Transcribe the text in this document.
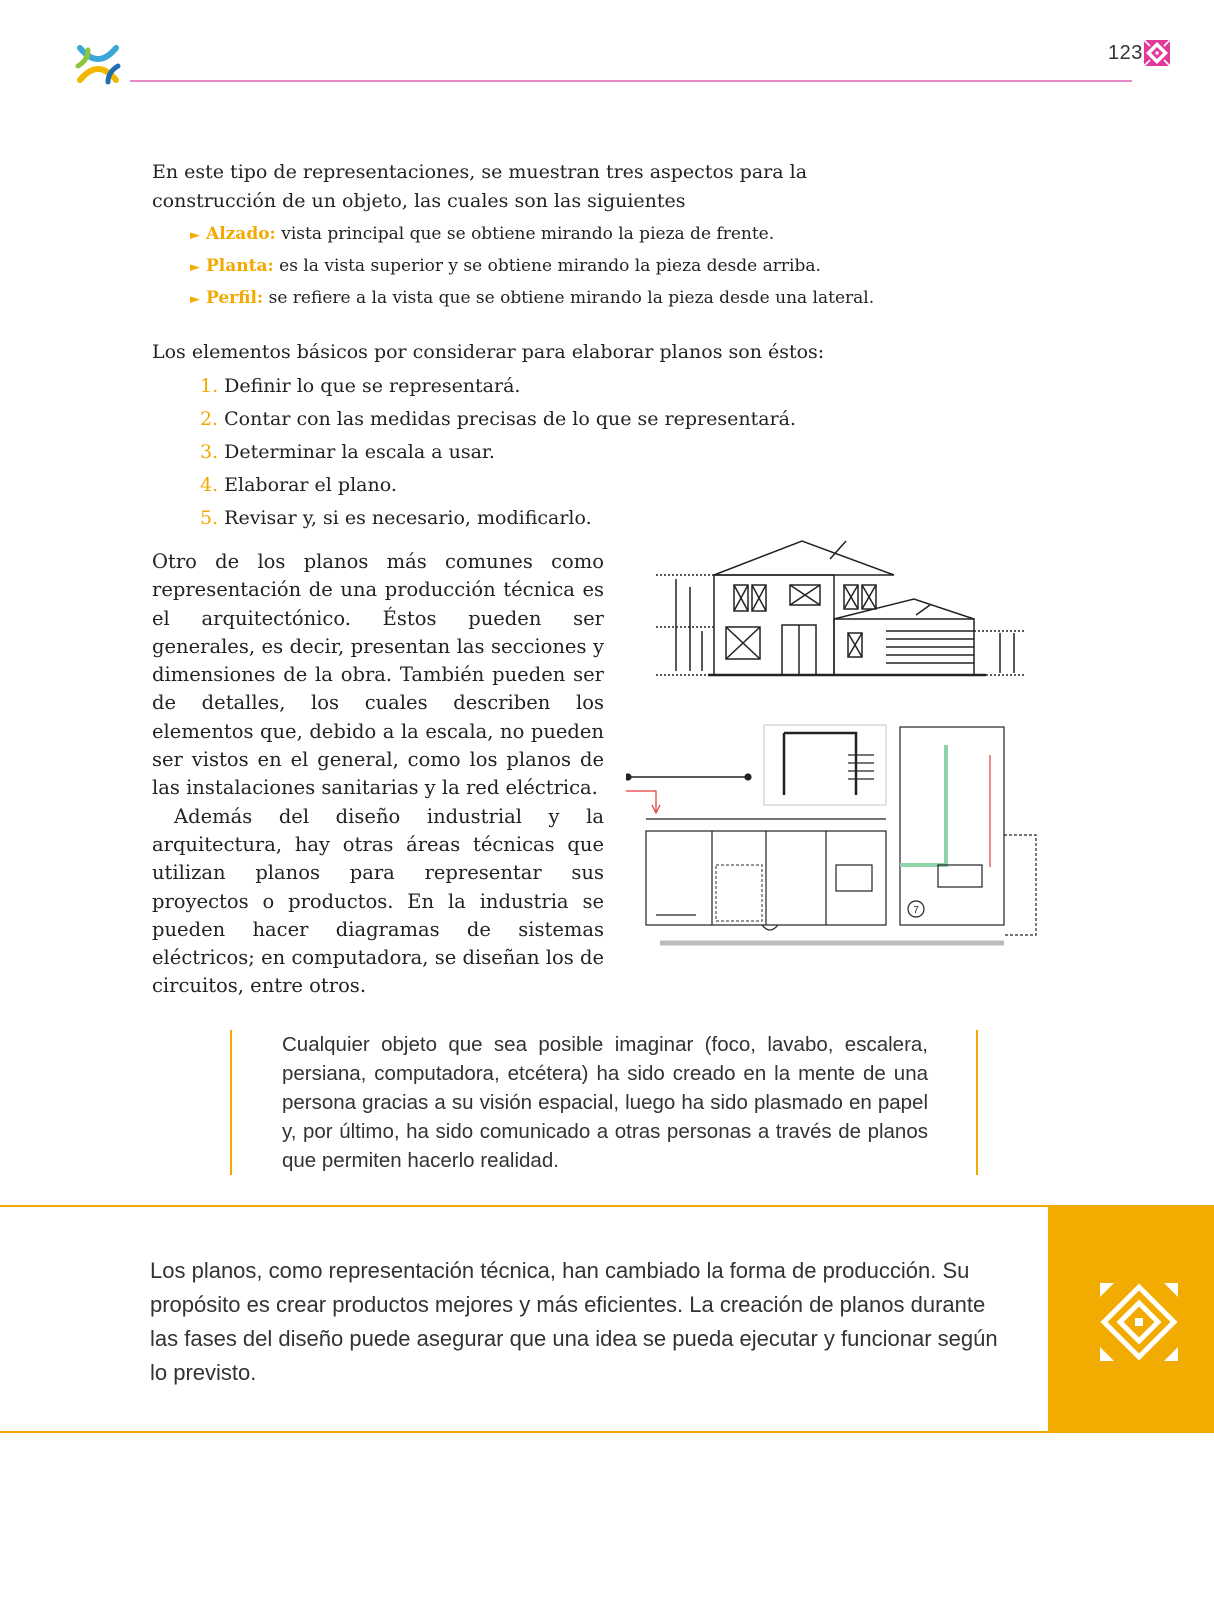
123
En este tipo de representaciones, se muestran tres aspectos para la construcción de un objeto, las cuales son las siguientes
► Alzado: vista principal que se obtiene mirando la pieza de frente.
► Planta: es la vista superior y se obtiene mirando la pieza desde arriba.
► Perfil: se refiere a la vista que se obtiene mirando la pieza desde una lateral.
Los elementos básicos por considerar para elaborar planos son éstos:
1. Definir lo que se representará.
2. Contar con las medidas precisas de lo que se representará.
3. Determinar la escala a usar.
4. Elaborar el plano.
5. Revisar y, si es necesario, modificarlo.

Otro de los planos más comunes como representación de una producción técnica es el arquitectónico. Éstos pueden ser generales, es decir, presentan las secciones y dimensiones de la obra. También pueden ser de detalles, los cuales describen los elementos que, debido a la escala, no pueden ser vistos en el general, como los planos de las instalaciones sanitarias y la red eléctrica.

Además del diseño industrial y la arquitectura, hay otras áreas técnicas que utilizan planos para representar sus proyectos o productos. En la industria se pueden hacer diagramas de sistemas eléctricos; en computadora, se diseñan los de circuitos, entre otros.

7
Cualquier objeto que sea posible imaginar (foco, lavabo, escalera, persiana, computadora, etcétera) ha sido creado en la mente de una persona gracias a su visión espacial, luego ha sido plasmado en papel y, por último, ha sido comunicado a otras personas a través de planos que permiten hacerlo realidad.
Los planos, como representación técnica, han cambiado la forma de producción. Su propósito es crear productos mejores y más eficientes. La creación de planos durante las fases del diseño puede asegurar que una idea se pueda ejecutar y funcionar según lo previsto.
